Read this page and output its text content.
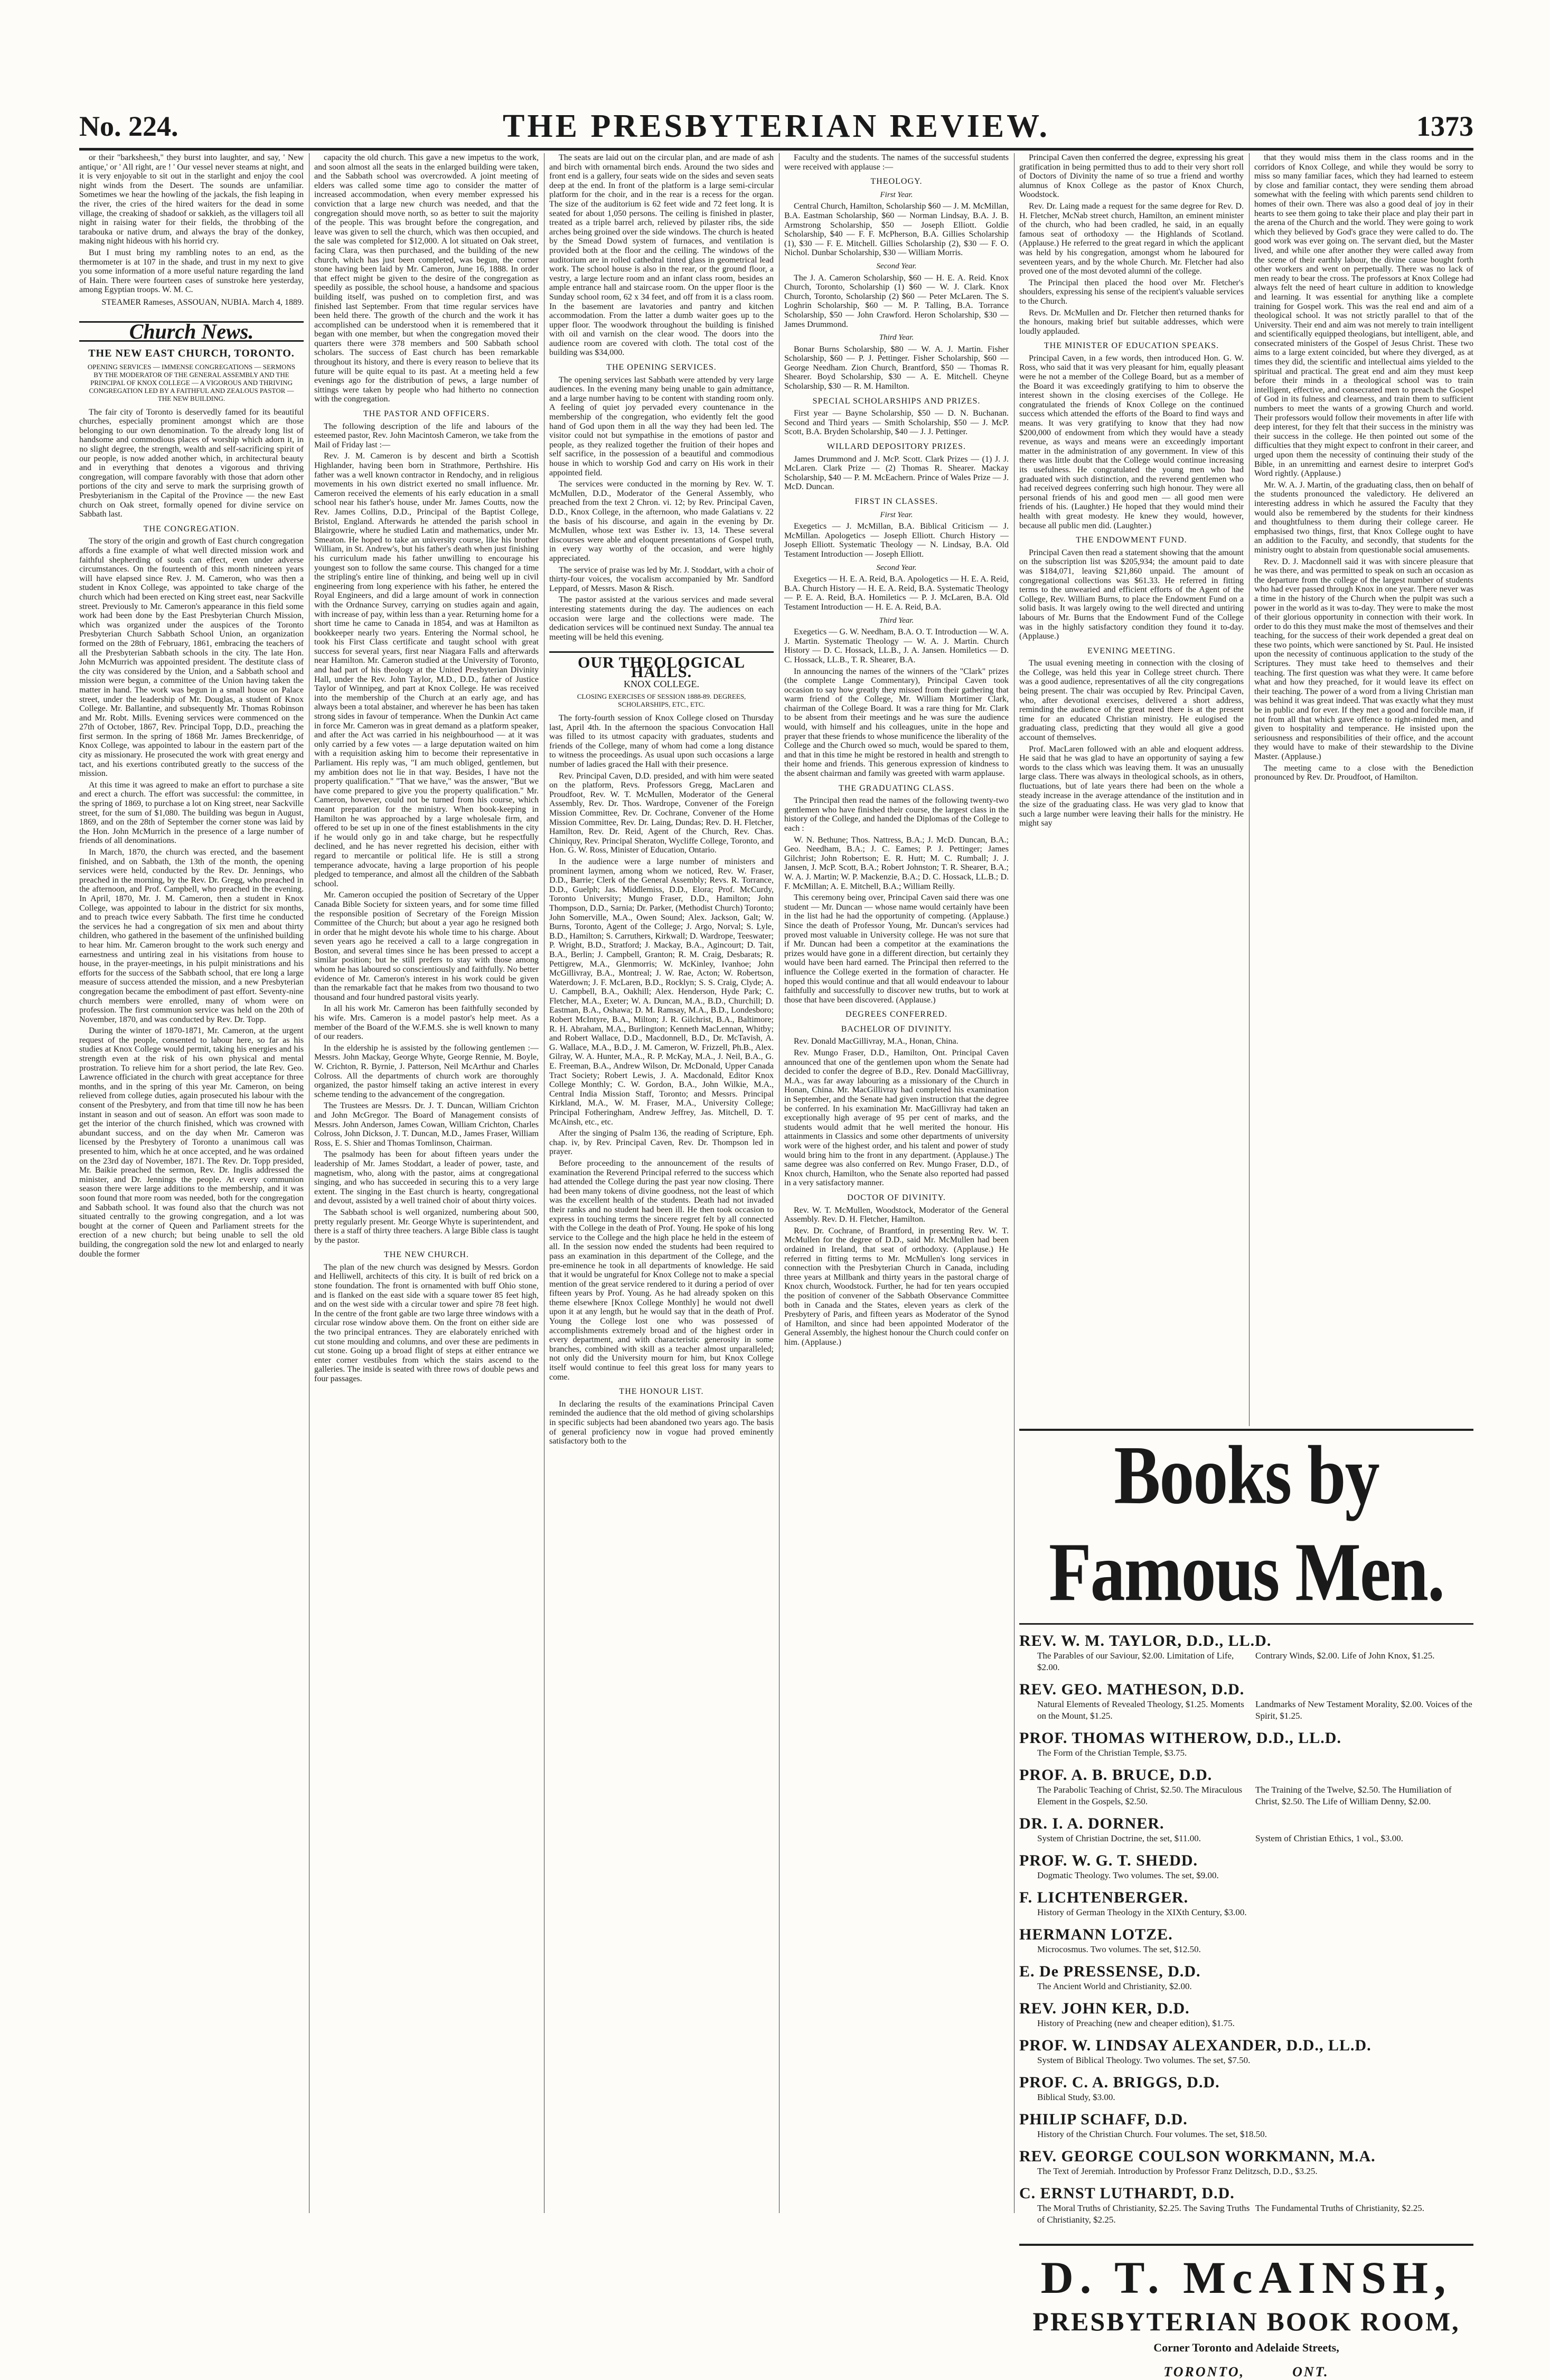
No. 224.	THE PRESBYTERIAN REVIEW.	1373

or their "barksheesh," they burst into laughter, and say, ' New antique,' or ' All right, are ! ' Our vessel never steams at night, and it is very enjoyable to sit out in the starlight and enjoy the cool night winds from the Desert. The sounds are unfamiliar. Sometimes we hear the howling of the jackals, the fish leaping in the river, the cries of the hired waiters for the dead in some village, the creaking of shadoof or sakkieh, as the villagers toil all night in raising water for their fields, the throbbing of the tarabouka or native drum, and always the bray of the donkey, making night hideous with his horrid cry.

But I must bring my rambling notes to an end, as the thermometer is at 107 in the shade, and trust in my next to give you some information of a more useful nature regarding the land of Hain. There were fourteen cases of sunstroke here yesterday, among Egyptian troops. W. M. C.

STEAMER Rameses, ASSOUAN, NUBIA. March 4, 1889.
Church News.
THE NEW EAST CHURCH, TORONTO.
OPENING SERVICES — IMMENSE CONGREGATIONS — SERMONS BY THE MODERATOR OF THE GENERAL ASSEMBLY AND THE PRINCIPAL OF KNOX COLLEGE — A VIGOROUS AND THRIVING CONGREGATION LED BY A FAITHFUL AND ZEALOUS PASTOR — THE NEW BUILDING.

The fair city of Toronto is deservedly famed for its beautiful churches, especially prominent amongst which are those belonging to our own denomination. To the already long list of handsome and commodious places of worship which adorn it, in no slight degree, the strength, wealth and self-sacrificing spirit of our people, is now added another which, in architectural beauty and in everything that denotes a vigorous and thriving congregation, will compare favorably with those that adorn other portions of the city and serve to mark the surprising growth of Presbyterianism in the Capital of the Province — the new East church on Oak street, formally opened for divine service on Sabbath last.

THE CONGREGATION.

The story of the origin and growth of East church congregation affords a fine example of what well directed mission work and faithful shepherding of souls can effect, even under adverse circumstances. On the fourteenth of this month nineteen years will have elapsed since Rev. J. M. Cameron, who was then a student in Knox College, was appointed to take charge of the church which had been erected on King street east, near Sackville street. Previously to Mr. Cameron's appearance in this field some work had been done by the East Presbyterian Church Mission, which was organized under the auspices of the Toronto Presbyterian Church Sabbath School Union, an organization formed on the 28th of February, 1861, embracing the teachers of all the Presbyterian Sabbath schools in the city. The late Hon. John McMurrich was appointed president. The destitute class of the city was considered by the Union, and a Sabbath school and mission were begun, a committee of the Union having taken the matter in hand. The work was begun in a small house on Palace street, under the leadership of Mr. Douglas, a student of Knox College. Mr. Ballantine, and subsequently Mr. Thomas Robinson and Mr. Robt. Mills. Evening services were commenced on the 27th of October, 1867, Rev. Principal Topp, D.D., preaching the first sermon. In the spring of 1868 Mr. James Breckenridge, of Knox College, was appointed to labour in the eastern part of the city as missionary. He prosecuted the work with great energy and tact, and his exertions contributed greatly to the success of the mission.

At this time it was agreed to make an effort to purchase a site and erect a church. The effort was successful: the committee, in the spring of 1869, to purchase a lot on King street, near Sackville street, for the sum of $1,080. The building was begun in August, 1869, and on the 28th of September the corner stone was laid by the Hon. John McMurrich in the presence of a large number of friends of all denominations.

In March, 1870, the church was erected, and the basement finished, and on Sabbath, the 13th of the month, the opening services were held, conducted by the Rev. Dr. Jennings, who preached in the morning, by the Rev. Dr. Gregg, who preached in the afternoon, and Prof. Campbell, who preached in the evening. In April, 1870, Mr. J. M. Cameron, then a student in Knox College, was appointed to labour in the district for six months, and to preach twice every Sabbath. The first time he conducted the services he had a congregation of six men and about thirty children, who gathered in the basement of the unfinished building to hear him. Mr. Cameron brought to the work such energy and earnestness and untiring zeal in his visitations from house to house, in the prayer-meetings, in his pulpit ministrations and his efforts for the success of the Sabbath school, that ere long a large measure of success attended the mission, and a new Presbyterian congregation became the embodiment of past effort. Seventy-nine church members were enrolled, many of whom were on profession. The first communion service was held on the 20th of November, 1870, and was conducted by Rev. Dr. Topp.

During the winter of 1870-1871, Mr. Cameron, at the urgent request of the people, consented to labour here, so far as his studies at Knox College would permit, taking his energies and his strength even at the risk of his own physical and mental prostration. To relieve him for a short period, the late Rev. Geo. Lawrence officiated in the church with great acceptance for three months, and in the spring of this year Mr. Cameron, on being relieved from college duties, again prosecuted his labour with the consent of the Presbytery, and from that time till now he has been instant in season and out of season. An effort was soon made to get the interior of the church finished, which was crowned with abundant success, and on the day when Mr. Cameron was licensed by the Presbytery of Toronto a unanimous call was presented to him, which he at once accepted, and he was ordained on the 23rd day of November, 1871. The Rev. Dr. Topp presided, Mr. Baikie preached the sermon, Rev. Dr. Inglis addressed the minister, and Dr. Jennings the people. At every communion season there were large additions to the membership, and it was soon found that more room was needed, both for the congregation and Sabbath school. It was found also that the church was not situated centrally to the growing congregation, and a lot was bought at the corner of Queen and Parliament streets for the erection of a new church; but being unable to sell the old building, the congregation sold the new lot and enlarged to nearly double the former

capacity the old church. This gave a new impetus to the work, and soon almost all the seats in the enlarged building were taken, and the Sabbath school was overcrowded. A joint meeting of elders was called some time ago to consider the matter of increased accommodation, when every member expressed his conviction that a large new church was needed, and that the congregation should move north, so as better to suit the majority of the people. This was brought before the congregation, and leave was given to sell the church, which was then occupied, and the sale was completed for $12,000. A lot situated on Oak street, facing Clara, was then purchased, and the building of the new church, which has just been completed, was begun, the corner stone having been laid by Mr. Cameron, June 16, 1888. In order that effect might be given to the desire of the congregation as speedily as possible, the school house, a handsome and spacious building itself, was pushed on to completion first, and was finished last September. From that time regular services have been held there. The growth of the church and the work it has accomplished can be understood when it is remembered that it began with one member, but when the congregation moved their quarters there were 378 members and 500 Sabbath school scholars. The success of East church has been remarkable throughout its history, and there is every reason to believe that its future will be quite equal to its past. At a meeting held a few evenings ago for the distribution of pews, a large number of sittings were taken by people who had hitherto no connection with the congregation.

THE PASTOR AND OFFICERS.

The following description of the life and labours of the esteemed pastor, Rev. John Macintosh Cameron, we take from the Mail of Friday last :—

Rev. J. M. Cameron is by descent and birth a Scottish Highlander, having been born in Strathmore, Perthshire. His father was a well known contractor in Rendochy, and in religious movements in his own district exerted no small influence. Mr. Cameron received the elements of his early education in a small school near his father's house, under Mr. James Coutts, now the Rev. James Collins, D.D., Principal of the Baptist College, Bristol, England. Afterwards he attended the parish school in Blairgowrie, where he studied Latin and mathematics, under Mr. Smeaton. He hoped to take an university course, like his brother William, in St. Andrew's, but his father's death when just finishing his curriculum made his father unwilling to encourage his youngest son to follow the same course. This changed for a time the stripling's entire line of thinking, and being well up in civil engineering from long experience with his father, he entered the Royal Engineers, and did a large amount of work in connection with the Ordnance Survey, carrying on studies again and again, with increase of pay, within less than a year. Returning home for a short time he came to Canada in 1854, and was at Hamilton as bookkeeper nearly two years. Entering the Normal school, he took his First Class certificate and taught school with great success for several years, first near Niagara Falls and afterwards near Hamilton. Mr. Cameron studied at the University of Toronto, and had part of his theology at the United Presbyterian Divinity Hall, under the Rev. John Taylor, M.D., D.D., father of Justice Taylor of Winnipeg, and part at Knox College. He was received into the membership of the Church at an early age, and has always been a total abstainer, and wherever he has been has taken strong sides in favour of temperance. When the Dunkin Act came in force Mr. Cameron was in great demand as a platform speaker, and after the Act was carried in his neighbourhood — at it was only carried by a few votes — a large deputation waited on him with a requisition asking him to become their representative in Parliament. His reply was, "I am much obliged, gentlemen, but my ambition does not lie in that way. Besides, I have not the property qualification." "That we have," was the answer, "But we have come prepared to give you the property qualification." Mr. Cameron, however, could not be turned from his course, which meant preparation for the ministry. When book-keeping in Hamilton he was approached by a large wholesale firm, and offered to be set up in one of the finest establishments in the city if he would only go in and take charge, but he respectfully declined, and he has never regretted his decision, either with regard to mercantile or political life. He is still a strong temperance advocate, having a large proportion of his people pledged to temperance, and almost all the children of the Sabbath school.

Mr. Cameron occupied the position of Secretary of the Upper Canada Bible Society for sixteen years, and for some time filled the responsible position of Secretary of the Foreign Mission Committee of the Church; but about a year ago he resigned both in order that he might devote his whole time to his charge. About seven years ago he received a call to a large congregation in Boston, and several times since he has been pressed to accept a similar position; but he still prefers to stay with those among whom he has laboured so conscientiously and faithfully. No better evidence of Mr. Cameron's interest in his work could be given than the remarkable fact that he makes from two thousand to two thousand and four hundred pastoral visits yearly.

In all his work Mr. Cameron has been faithfully seconded by his wife. Mrs. Cameron is a model pastor's help meet. As a member of the Board of the W.F.M.S. she is well known to many of our readers.

In the eldership he is assisted by the following gentlemen :— Messrs. John Mackay, George Whyte, George Rennie, M. Boyle, W. Crichton, R. Byrnie, J. Patterson, Neil McArthur and Charles Colross. All the departments of church work are thoroughly organized, the pastor himself taking an active interest in every scheme tending to the advancement of the congregation.

The Trustees are Messrs. Dr. J. T. Duncan, William Crichton and John McGregor. The Board of Management consists of Messrs. John Anderson, James Cowan, William Crichton, Charles Colross, John Dickson, J. T. Duncan, M.D., James Fraser, William Ross, E. S. Shier and Thomas Tomlinson, Chairman.

The psalmody has been for about fifteen years under the leadership of Mr. James Stoddart, a leader of power, taste, and magnetism, who, along with the pastor, aims at congregational singing, and who has succeeded in securing this to a very large extent. The singing in the East church is hearty, congregational and devout, assisted by a well trained choir of about thirty voices.

The Sabbath school is well organized, numbering about 500, pretty regularly present. Mr. George Whyte is superintendent, and there is a staff of thirty three teachers. A large Bible class is taught by the pastor.

THE NEW CHURCH.

The plan of the new church was designed by Messrs. Gordon and Helliwell, architects of this city. It is built of red brick on a stone foundation. The front is ornamented with buff Ohio stone, and is flanked on the east side with a square tower 85 feet high, and on the west side with a circular tower and spire 78 feet high. In the centre of the front gable are two large three windows with a circular rose window above them. On the front on either side are the two principal entrances. They are elaborately enriched with cut stone moulding and columns, and over these are pediments in cut stone. Going up a broad flight of steps at either entrance we enter corner vestibules from which the stairs ascend to the galleries. The inside is seated with three rows of double pews and four passages.

The seats are laid out on the circular plan, and are made of ash and birch with ornamental birch ends. Around the two sides and front end is a gallery, four seats wide on the sides and seven seats deep at the end. In front of the platform is a large semi-circular platform for the choir, and in the rear is a recess for the organ. The size of the auditorium is 62 feet wide and 72 feet long. It is seated for about 1,050 persons. The ceiling is finished in plaster, treated as a triple barrel arch, relieved by pilaster ribs, the side arches being groined over the side windows. The church is heated by the Smead Dowd system of furnaces, and ventilation is provided both at the floor and the ceiling. The windows of the auditorium are in rolled cathedral tinted glass in geometrical lead work. The school house is also in the rear, or the ground floor, a vestry, a large lecture room and an infant class room, besides an ample entrance hall and staircase room. On the upper floor is the Sunday school room, 62 x 34 feet, and off from it is a class room. In the basement are lavatories and pantry and kitchen accommodation. From the latter a dumb waiter goes up to the upper floor. The woodwork throughout the building is finished with oil and varnish on the clear wood. The doors into the audience room are covered with cloth. The total cost of the building was $34,000.

THE OPENING SERVICES.

The opening services last Sabbath were attended by very large audiences. In the evening many being unable to gain admittance, and a large number having to be content with standing room only. A feeling of quiet joy pervaded every countenance in the membership of the congregation, who evidently felt the good hand of God upon them in all the way they had been led. The visitor could not but sympathise in the emotions of pastor and people, as they realized together the fruition of their hopes and self sacrifice, in the possession of a beautiful and commodious house in which to worship God and carry on His work in their appointed field.

The services were conducted in the morning by Rev. W. T. McMullen, D.D., Moderator of the General Assembly, who preached from the text 2 Chron. vi. 12; by Rev. Principal Caven, D.D., Knox College, in the afternoon, who made Galatians v. 22 the basis of his discourse, and again in the evening by Dr. McMullen, whose text was Esther iv. 13, 14. These several discourses were able and eloquent presentations of Gospel truth, in every way worthy of the occasion, and were highly appreciated.

The service of praise was led by Mr. J. Stoddart, with a choir of thirty-four voices, the vocalism accompanied by Mr. Sandford Leppard, of Messrs. Mason & Risch.

The pastor assisted at the various services and made several interesting statements during the day. The audiences on each occasion were large and the collections were made. The dedication services will be continued next Sunday. The annual tea meeting will be held this evening.

OUR THEOLOGICAL HALLS.
KNOX COLLEGE.
CLOSING EXERCISES OF SESSION 1888-89. DEGREES, SCHOLARSHIPS, ETC., ETC.

The forty-fourth session of Knox College closed on Thursday last, April 4th. In the afternoon the spacious Convocation Hall was filled to its utmost capacity with graduates, students and friends of the College, many of whom had come a long distance to witness the proceedings. As usual upon such occasions a large number of ladies graced the Hall with their presence.

Rev. Principal Caven, D.D. presided, and with him were seated on the platform, Revs. Professors Gregg, MacLaren and Proudfoot, Rev. W. T. McMullen, Moderator of the General Assembly, Rev. Dr. Thos. Wardrope, Convener of the Foreign Mission Committee, Rev. Dr. Cochrane, Convener of the Home Mission Committee, Rev. Dr. Laing, Dundas; Rev. D. H. Fletcher, Hamilton, Rev. Dr. Reid, Agent of the Church, Rev. Chas. Chiniquy, Rev. Principal Sheraton, Wycliffe College, Toronto, and Hon. G. W. Ross, Minister of Education, Ontario.

In the audience were a large number of ministers and prominent laymen, among whom we noticed, Rev. W. Fraser, D.D., Barrie; Clerk of the General Assembly; Revs. R. Torrance, D.D., Guelph; Jas. Middlemiss, D.D., Elora; Prof. McCurdy, Toronto University; Mungo Fraser, D.D., Hamilton; John Thompson, D.D., Sarnia; Dr. Parker, (Methodist Church) Toronto; John Somerville, M.A., Owen Sound; Alex. Jackson, Galt; W. Burns, Toronto, Agent of the College; J. Argo, Norval; S. Lyle, B.D., Hamilton; S. Carruthers, Kirkwall; D. Wardrope, Teeswater; P. Wright, B.D., Stratford; J. Mackay, B.A., Agincourt; D. Tait, B.A., Berlin; J. Campbell, Granton; R. M. Craig, Desbarats; R. Pettigrew, M.A., Glenmorris; W. McKinley, Ivanhoe; John McGillivray, B.A., Montreal; J. W. Rae, Acton; W. Robertson, Waterdown; J. F. McLaren, B.D., Rocklyn; S. S. Craig, Clyde; A. U. Campbell, B.A., Oakhill; Alex. Henderson, Hyde Park; C. Fletcher, M.A., Exeter; W. A. Duncan, M.A., B.D., Churchill; D. Eastman, B.A., Oshawa; D. M. Ramsay, M.A., B.D., Londesboro; Robert McIntyre, B.A., Milton; J. R. Gilchrist, B.A., Baltimore; R. H. Abraham, M.A., Burlington; Kenneth MacLennan, Whitby; and Robert Wallace, D.D., Macdonnell, B.D., Dr. McTavish, A. G. Wallace, M.A., B.D., J. M. Cameron, W. Frizzell, Ph.B., Alex. Gilray, W. A. Hunter, M.A., R. P. McKay, M.A., J. Neil, B.A., G. E. Freeman, B.A., Andrew Wilson, Dr. McDonald, Upper Canada Tract Society; Robert Lewis, J. A. Macdonald, Editor Knox College Monthly; C. W. Gordon, B.A., John Wilkie, M.A., Central India Mission Staff, Toronto; and Messrs. Principal Kirkland, M.A., W. M. Fraser, M.A., University College; Principal Fotheringham, Andrew Jeffrey, Jas. Mitchell, D. T. McAinsh, etc., etc.

After the singing of Psalm 136, the reading of Scripture, Eph. chap. iv, by Rev. Principal Caven, Rev. Dr. Thompson led in prayer.

Before proceeding to the announcement of the results of examination the Reverend Principal referred to the success which had attended the College during the past year now closing. There had been many tokens of divine goodness, not the least of which was the excellent health of the students. Death had not invaded their ranks and no student had been ill. He then took occasion to express in touching terms the sincere regret felt by all connected with the College in the death of Prof. Young. He spoke of his long service to the College and the high place he held in the esteem of all. In the session now ended the students had been required to pass an examination in this department of the College, and the pre-eminence he took in all departments of knowledge. He said that it would be ungrateful for Knox College not to make a special mention of the great service rendered to it during a period of over fifteen years by Prof. Young. As he had already spoken on this theme elsewhere [Knox College Monthly] he would not dwell upon it at any length, but he would say that in the death of Prof. Young the College lost one who was possessed of accomplishments extremely broad and of the highest order in every department, and with characteristic generosity in some branches, combined with skill as a teacher almost unparalleled; not only did the University mourn for him, but Knox College itself would continue to feel this great loss for many years to come.

THE HONOUR LIST.

In declaring the results of the examinations Principal Caven reminded the audience that the old method of giving scholarships in specific subjects had been abandoned two years ago. The basis of general proficiency now in vogue had proved eminently satisfactory both to the

Faculty and the students. The names of the successful students were received with applause :—

THEOLOGY.
First Year.

Central Church, Hamilton, Scholarship $60 — J. M. McMillan, B.A. Eastman Scholarship, $60 — Norman Lindsay, B.A. J. B. Armstrong Scholarship, $50 — Joseph Elliott. Goldie Scholarship, $40 — F. F. McPherson, B.A. Gillies Scholarship (1), $30 — F. E. Mitchell. Gillies Scholarship (2), $30 — F. O. Nichol. Dunbar Scholarship, $30 — William Morris.

Second Year.

The J. A. Cameron Scholarship, $60 — H. E. A. Reid. Knox Church, Toronto, Scholarship (1) $60 — W. J. Clark. Knox Church, Toronto, Scholarship (2) $60 — Peter McLaren. The S. Loghrin Scholarship, $60 — M. P. Talling, B.A. Torrance Scholarship, $50 — John Crawford. Heron Scholarship, $30 — James Drummond.

Third Year.

Bonar Burns Scholarship, $80 — W. A. J. Martin. Fisher Scholarship, $60 — P. J. Pettinger. Fisher Scholarship, $60 — George Needham. Zion Church, Brantford, $50 — Thomas R. Shearer. Boyd Scholarship, $30 — A. E. Mitchell. Cheyne Scholarship, $30 — R. M. Hamilton.

SPECIAL SCHOLARSHIPS AND PRIZES.

First year — Bayne Scholarship, $50 — D. N. Buchanan. Second and Third years — Smith Scholarship, $50 — J. McP. Scott, B.A. Bryden Scholarship, $40 — J. J. Pettinger.

WILLARD DEPOSITORY PRIZES.

James Drummond and J. McP. Scott. Clark Prizes — (1) J. J. McLaren. Clark Prize — (2) Thomas R. Shearer. Mackay Scholarship, $40 — P. M. McEachern. Prince of Wales Prize — J. McD. Duncan.

FIRST IN CLASSES.
First Year.

Exegetics — J. McMillan, B.A. Biblical Criticism — J. McMillan. Apologetics — Joseph Elliott. Church History — Joseph Elliott. Systematic Theology — N. Lindsay, B.A. Old Testament Introduction — Joseph Elliott.

Second Year.

Exegetics — H. E. A. Reid, B.A. Apologetics — H. E. A. Reid, B.A. Church History — H. E. A. Reid, B.A. Systematic Theology — P. E. A. Reid, B.A. Homiletics — P. J. McLaren, B.A. Old Testament Introduction — H. E. A. Reid, B.A.

Third Year.

Exegetics — G. W. Needham, B.A. O. T. Introduction — W. A. J. Martin. Systematic Theology — W. A. J. Martin. Church History — D. C. Hossack, LL.B., J. A. Jansen. Homiletics — D. C. Hossack, LL.B., T. R. Shearer, B.A.

In announcing the names of the winners of the "Clark" prizes (the complete Lange Commentary), Principal Caven took occasion to say how greatly they missed from their gathering that warm friend of the College, Mr. William Mortimer Clark, chairman of the College Board. It was a rare thing for Mr. Clark to be absent from their meetings and he was sure the audience would, with himself and his colleagues, unite in the hope and prayer that these friends to whose munificence the liberality of the College and the Church owed so much, would be spared to them, and that in this time he might be restored in health and strength to their home and friends. This generous expression of kindness to the absent chairman and family was greeted with warm applause.

THE GRADUATING CLASS.

The Principal then read the names of the following twenty-two gentlemen who have finished their course, the largest class in the history of the College, and handed the Diplomas of the College to each :

W. N. Bethune; Thos. Nattress, B.A.; J. McD. Duncan, B.A.; Geo. Needham, B.A.; J. C. Eames; P. J. Pettinger; James Gilchrist; John Robertson; E. R. Hutt; M. C. Rumball; J. J. Jansen, J. McP. Scott, B.A.; Robert Johnston; T. R. Shearer, B.A.; W. A. J. Martin; W. P. Mackenzie, B.A.; D. C. Hossack, LL.B.; D. F. McMillan; A. E. Mitchell, B.A.; William Reilly.

This ceremony being over, Principal Caven said there was one student — Mr. Duncan — whose name would certainly have been in the list had he had the opportunity of competing. (Applause.) Since the death of Professor Young, Mr. Duncan's services had proved most valuable in University college. He was not sure that if Mr. Duncan had been a competitor at the examinations the prizes would have gone in a different direction, but certainly they would have been hard earned. The Principal then referred to the influence the College exerted in the formation of character. He hoped this would continue and that all would endeavour to labour faithfully and successfully to discover new truths, but to work at those that have been discovered. (Applause.)

DEGREES CONFERRED.
BACHELOR OF DIVINITY.

Rev. Donald MacGillivray, M.A., Honan, China.

Rev. Mungo Fraser, D.D., Hamilton, Ont. Principal Caven announced that one of the gentlemen upon whom the Senate had decided to confer the degree of B.D., Rev. Donald MacGillivray, M.A., was far away labouring as a missionary of the Church in Honan, China. Mr. MacGillivray had completed his examination in September, and the Senate had given instruction that the degree be conferred. In his examination Mr. MacGillivray had taken an exceptionally high average of 95 per cent of marks, and the students would admit that he well merited the honour. His attainments in Classics and some other departments of university work were of the highest order, and his talent and power of study would bring him to the front in any department. (Applause.) The same degree was also conferred on Rev. Mungo Fraser, D.D., of Knox church, Hamilton, who the Senate also reported had passed in a very satisfactory manner.

DOCTOR OF DIVINITY.

Rev. W. T. McMullen, Woodstock, Moderator of the General Assembly. Rev. D. H. Fletcher, Hamilton.

Rev. Dr. Cochrane, of Brantford, in presenting Rev. W. T. McMullen for the degree of D.D., said Mr. McMullen had been ordained in Ireland, that seat of orthodoxy. (Applause.) He referred in fitting terms to Mr. McMullen's long services in connection with the Presbyterian Church in Canada, including three years at Millbank and thirty years in the pastoral charge of Knox church, Woodstock. Further, he had for ten years occupied the position of convener of the Sabbath Observance Committee both in Canada and the States, eleven years as clerk of the Presbytery of Paris, and fifteen years as Moderator of the Synod of Hamilton, and since had been appointed Moderator of the General Assembly, the highest honour the Church could confer on him. (Applause.)

Principal Caven then conferred the degree, expressing his great gratification in being permitted thus to add to their very short roll of Doctors of Divinity the name of so true a friend and worthy alumnus of Knox College as the pastor of Knox Church, Woodstock.

Rev. Dr. Laing made a request for the same degree for Rev. D. H. Fletcher, McNab street church, Hamilton, an eminent minister of the church, who had been cradled, he said, in an equally famous seat of orthodoxy — the Highlands of Scotland. (Applause.) He referred to the great regard in which the applicant was held by his congregation, amongst whom he laboured for seventeen years, and by the whole Church. Mr. Fletcher had also proved one of the most devoted alumni of the college.

The Principal then placed the hood over Mr. Fletcher's shoulders, expressing his sense of the recipient's valuable services to the Church.

Revs. Dr. McMullen and Dr. Fletcher then returned thanks for the honours, making brief but suitable addresses, which were loudly applauded.

THE MINISTER OF EDUCATION SPEAKS.

Principal Caven, in a few words, then introduced Hon. G. W. Ross, who said that it was very pleasant for him, equally pleasant were he not a member of the College Board, but as a member of the Board it was exceedingly gratifying to him to observe the interest shown in the closing exercises of the College. He congratulated the friends of Knox College on the continued success which attended the efforts of the Board to find ways and means. It was very gratifying to know that they had now $200,000 of endowment from which they would have a steady revenue, as ways and means were an exceedingly important matter in the administration of any government. In view of this there was little doubt that the College would continue increasing its usefulness. He congratulated the young men who had graduated with such distinction, and the reverend gentlemen who had received degrees conferring such high honour. They were all personal friends of his and good men — all good men were friends of his. (Laughter.) He hoped that they would mind their health with great modesty. He knew they would, however, because all public men did. (Laughter.)

THE ENDOWMENT FUND.

Principal Caven then read a statement showing that the amount on the subscription list was $205,934; the amount paid to date was $184,071, leaving $21,860 unpaid. The amount of congregational collections was $61.33. He referred in fitting terms to the unwearied and efficient efforts of the Agent of the College, Rev. William Burns, to place the Endowment Fund on a solid basis. It was largely owing to the well directed and untiring labours of Mr. Burns that the Endowment Fund of the College was in the highly satisfactory condition they found it to-day. (Applause.)

EVENING MEETING.

The usual evening meeting in connection with the closing of the College, was held this year in College street church. There was a good audience, representatives of all the city congregations being present. The chair was occupied by Rev. Principal Caven, who, after devotional exercises, delivered a short address, reminding the audience of the great need there is at the present time for an educated Christian ministry. He eulogised the graduating class, predicting that they would all give a good account of themselves.

Prof. MacLaren followed with an able and eloquent address. He said that he was glad to have an opportunity of saying a few words to the class which was leaving them. It was an unusually large class. There was always in theological schools, as in others, fluctuations, but of late years there had been on the whole a steady increase in the average attendance of the institution and in the size of the graduating class. He was very glad to know that such a large number were leaving their halls for the ministry. He might say

that they would miss them in the class rooms and in the corridors of Knox College, and while they would be sorry to miss so many familiar faces, which they had learned to esteem by close and familiar contact, they were sending them abroad somewhat with the feeling with which parents send children to homes of their own. There was also a good deal of joy in their hearts to see them going to take their place and play their part in the arena of the Church and the world. They were going to work which they believed by God's grace they were called to do. The good work was ever going on. The servant died, but the Master lived, and while one after another they were called away from the scene of their earthly labour, the divine cause bought forth other workers and went on perpetually. There was no lack of men ready to bear the cross. The professors at Knox College had always felt the need of heart culture in addition to knowledge and learning. It was essential for anything like a complete training for Gospel work. This was the real end and aim of a theological school. It was not strictly parallel to that of the University. Their end and aim was not merely to train intelligent and scientifically equipped theologians, but intelligent, able, and consecrated ministers of the Gospel of Jesus Christ. These two aims to a large extent coincided, but where they diverged, as at times they did, the scientific and intellectual aims yielded to the spiritual and practical. The great end and aim they must keep before their minds in a theological school was to train intelligent, effective, and consecrated men to preach the Gospel of God in its fulness and clearness, and train them to sufficient numbers to meet the wants of a growing Church and world. Their professors would follow their movements in after life with deep interest, for they felt that their success in the ministry was their success in the college. He then pointed out some of the difficulties that they might expect to confront in their career, and urged upon them the necessity of continuing their study of the Bible, in an unremitting and earnest desire to interpret God's Word rightly. (Applause.)

Mr. W. A. J. Martin, of the graduating class, then on behalf of the students pronounced the valedictory. He delivered an interesting address in which he assured the Faculty that they would also be remembered by the students for their kindness and thoughtfulness to them during their college career. He emphasised two things, first, that Knox College ought to have an addition to the Faculty, and secondly, that students for the ministry ought to abstain from questionable social amusements.

Rev. D. J. Macdonnell said it was with sincere pleasure that he was there, and was permitted to speak on such an occasion as the departure from the college of the largest number of students who had ever passed through Knox in one year. There never was a time in the history of the Church when the pulpit was such a power in the world as it was to-day. They were to make the most of their glorious opportunity in connection with their work. In order to do this they must make the most of themselves and their teaching, for the success of their work depended a great deal on these two points, which were sanctioned by St. Paul. He insisted upon the necessity of continuous application to the study of the Scriptures. They must take heed to themselves and their teaching. The first question was what they were. It came before what and how they preached, for it would leave its effect on their teaching. The power of a word from a living Christian man was behind it was great indeed. That was exactly what they must be in public and for ever. If they met a good and forcible man, if not from all that which gave offence to right-minded men, and given to hospitality and temperance. He insisted upon the seriousness and responsibilities of their office, and the account they would have to make of their stewardship to the Divine Master. (Applause.)

The meeting came to a close with the Benediction pronounced by Rev. Dr. Proudfoot, of Hamilton.

Books by Famous Men.
REV. W. M. TAYLOR, D.D., LL.D.
The Parables of our Saviour, $2.00. Limitation of Life, $2.00.
Contrary Winds, $2.00. Life of John Knox, $1.25.
REV. GEO. MATHESON, D.D.
Natural Elements of Revealed Theology, $1.25. Moments on the Mount, $1.25.
Landmarks of New Testament Morality, $2.00. Voices of the Spirit, $1.25.
PROF. THOMAS WITHEROW, D.D., LL.D.
The Form of the Christian Temple, $3.75.
PROF. A. B. BRUCE, D.D.
The Parabolic Teaching of Christ, $2.50. The Miraculous Element in the Gospels, $2.50.
The Training of the Twelve, $2.50. The Humiliation of Christ, $2.50. The Life of William Denny, $2.00.
DR. I. A. DORNER.
System of Christian Doctrine, the set, $11.00.	System of Christian Ethics, 1 vol., $3.00.
PROF. W. G. T. SHEDD.
Dogmatic Theology. Two volumes. The set, $9.00.
F. LICHTENBERGER.
History of German Theology in the XIXth Century, $3.00.
HERMANN LOTZE.
Microcosmus. Two volumes. The set, $12.50.
E. De PRESSENSE, D.D.
The Ancient World and Christianity, $2.00.
REV. JOHN KER, D.D.
History of Preaching (new and cheaper edition), $1.75.
PROF. W. LINDSAY ALEXANDER, D.D., LL.D.
System of Biblical Theology. Two volumes. The set, $7.50.
PROF. C. A. BRIGGS, D.D.
Biblical Study, $3.00.
PHILIP SCHAFF, D.D.
History of the Christian Church. Four volumes. The set, $18.50.
REV. GEORGE COULSON WORKMANN, M.A.
The Text of Jeremiah. Introduction by Professor Franz Delitzsch, D.D., $3.25.
C. ERNST LUTHARDT, D.D.
The Moral Truths of Christianity, $2.25. The Saving Truths of Christianity, $2.25.
The Fundamental Truths of Christianity, $2.25.
D. T. McAINSH,
PRESBYTERIAN BOOK ROOM,
Corner Toronto and Adelaide Streets,
TORONTO,	ONT.
